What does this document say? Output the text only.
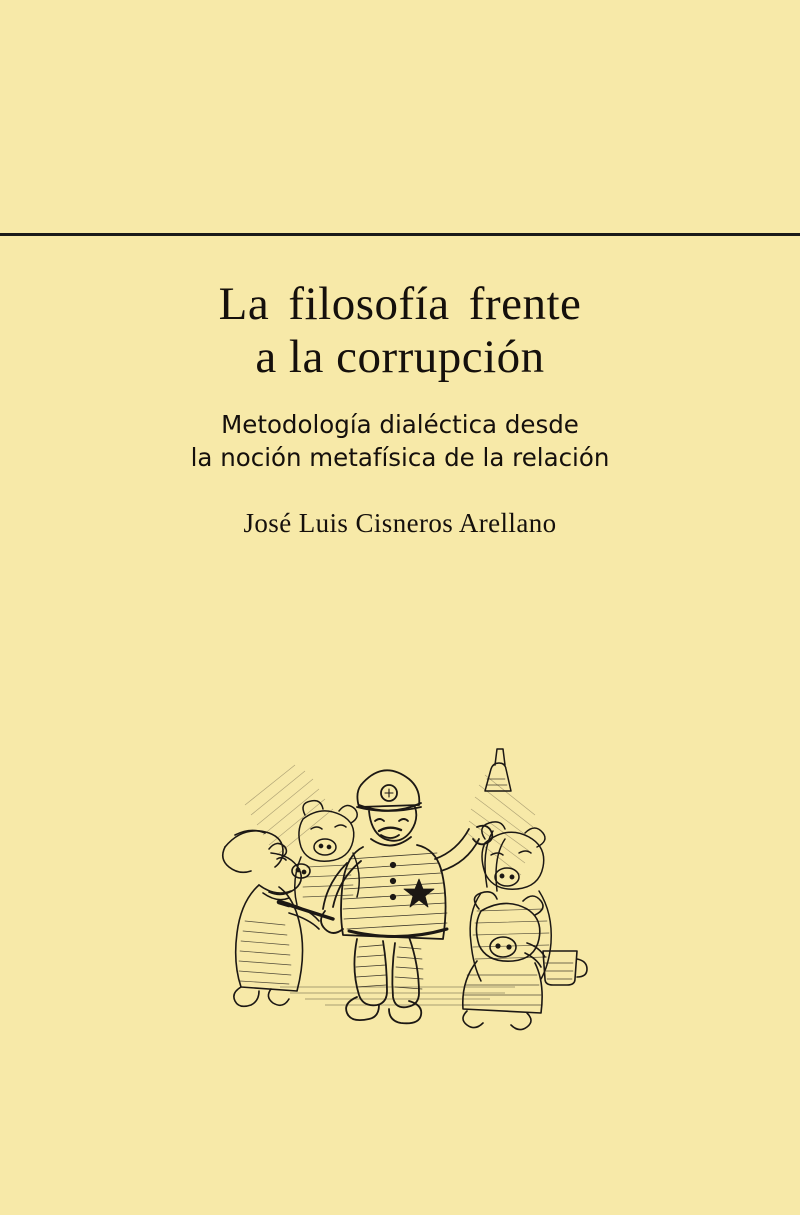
La filosofía frente
a la corrupción
Metodología dialéctica desde
la noción metafísica de la relación
José Luis Cisneros Arellano
